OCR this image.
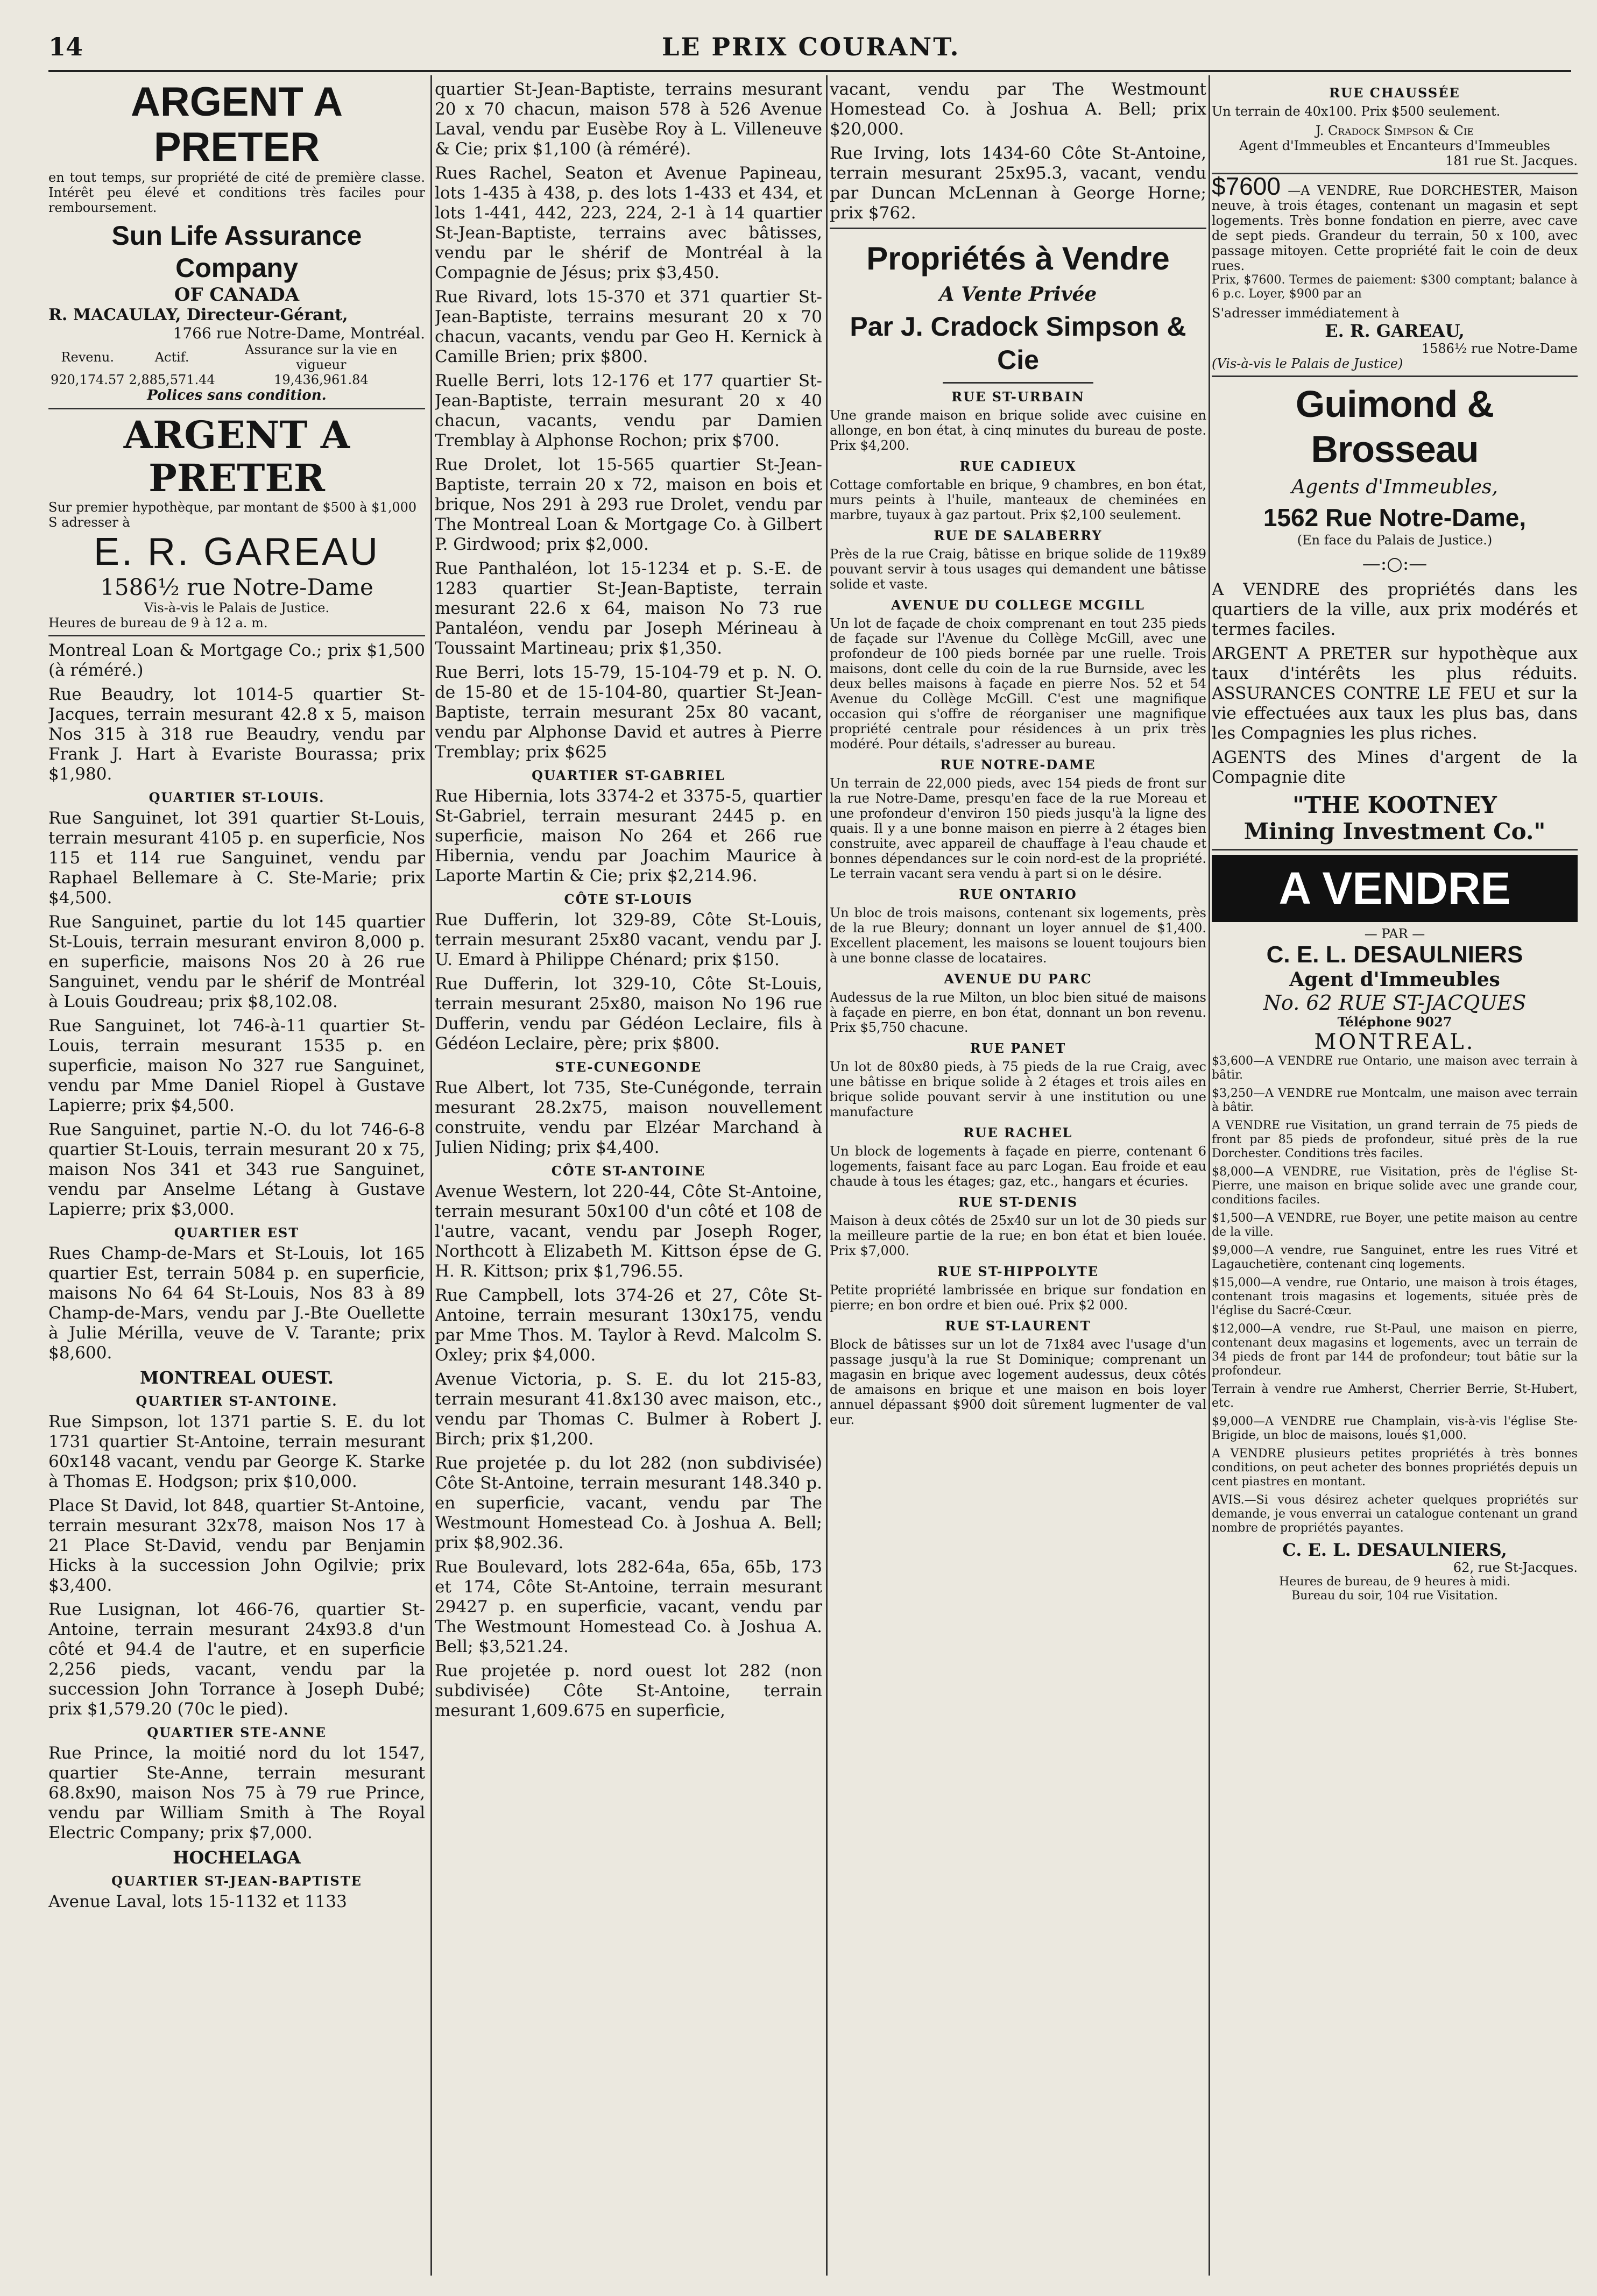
14	LE PRIX COURANT.
ARGENT A PRETER

en tout temps, sur propriété de cité de première classe. Intérêt peu élevé et conditions très faciles pour remboursement.

Sun Life Assurance Company
OF CANADA
R. MACAULAY, Directeur-Gérant,
1766 rue Notre-Dame, Montréal.
Revenu.	Actif.	Assurance sur la vie en vigueur
920,174.57	2,885,571.44	19,436,961.84
Polices sans condition.
ARGENT A PRETER
Sur premier hypothèque, par montant de $500 à $1,000
S adresser à
E. R. GAREAU
1586½ rue Notre-Dame
Vis-à-vis le Palais de Justice.
Heures de bureau de 9 à 12 a. m.

Montreal Loan & Mortgage Co.; prix $1,500 (à réméré.)

Rue Beaudry, lot 1014-5 quartier St-Jacques, terrain mesurant 42.8 x 5, maison Nos 315 à 318 rue Beaudry, vendu par Frank J. Hart à Evariste Bourassa; prix $1,980.

QUARTIER ST-LOUIS.

Rue Sanguinet, lot 391 quartier St-Louis, terrain mesurant 4105 p. en superficie, Nos 115 et 114 rue Sanguinet, vendu par Raphael Bellemare à C. Ste-Marie; prix $4,500.

Rue Sanguinet, partie du lot 145 quartier St-Louis, terrain mesurant environ 8,000 p. en superficie, maisons Nos 20 à 26 rue Sanguinet, vendu par le shérif de Montréal à Louis Goudreau; prix $8,102.08.

Rue Sanguinet, lot 746-à-11 quartier St-Louis, terrain mesurant 1535 p. en superficie, maison No 327 rue Sanguinet, vendu par Mme Daniel Riopel à Gustave Lapierre; prix $4,500.

Rue Sanguinet, partie N.-O. du lot 746-6-8 quartier St-Louis, terrain mesurant 20 x 75, maison Nos 341 et 343 rue Sanguinet, vendu par Anselme Létang à Gustave Lapierre; prix $3,000.

QUARTIER EST

Rues Champ-de-Mars et St-Louis, lot 165 quartier Est, terrain 5084 p. en superficie, maisons No 64 64 St-Louis, Nos 83 à 89 Champ-de-Mars, vendu par J.-Bte Ouellette à Julie Mérilla, veuve de V. Tarante; prix $8,600.

MONTREAL OUEST.
QUARTIER ST-ANTOINE.

Rue Simpson, lot 1371 partie S. E. du lot 1731 quartier St-Antoine, terrain mesurant 60x148 vacant, vendu par George K. Starke à Thomas E. Hodgson; prix $10,000.

Place St David, lot 848, quartier St-Antoine, terrain mesurant 32x78, maison Nos 17 à 21 Place St-David, vendu par Benjamin Hicks à la succession John Ogilvie; prix $3,400.

Rue Lusignan, lot 466-76, quartier St-Antoine, terrain mesurant 24x93.8 d'un côté et 94.4 de l'autre, et en superficie 2,256 pieds, vacant, vendu par la succession John Torrance à Joseph Dubé; prix $1,579.20 (70c le pied).

QUARTIER STE-ANNE

Rue Prince, la moitié nord du lot 1547, quartier Ste-Anne, terrain mesurant 68.8x90, maison Nos 75 à 79 rue Prince, vendu par William Smith à The Royal Electric Company; prix $7,000.

HOCHELAGA
QUARTIER ST-JEAN-BAPTISTE

Avenue Laval, lots 15-1132 et 1133

quartier St-Jean-Baptiste, terrains mesurant 20 x 70 chacun, maison 578 à 526 Avenue Laval, vendu par Eusèbe Roy à L. Villeneuve & Cie; prix $1,100 (à réméré).

Rues Rachel, Seaton et Avenue Papineau, lots 1-435 à 438, p. des lots 1-433 et 434, et lots 1-441, 442, 223, 224, 2-1 à 14 quartier St-Jean-Baptiste, terrains avec bâtisses, vendu par le shérif de Montréal à la Compagnie de Jésus; prix $3,450.

Rue Rivard, lots 15-370 et 371 quartier St-Jean-Baptiste, terrains mesurant 20 x 70 chacun, vacants, vendu par Geo H. Kernick à Camille Brien; prix $800.

Ruelle Berri, lots 12-176 et 177 quartier St-Jean-Baptiste, terrain mesurant 20 x 40 chacun, vacants, vendu par Damien Tremblay à Alphonse Rochon; prix $700.

Rue Drolet, lot 15-565 quartier St-Jean-Baptiste, terrain 20 x 72, maison en bois et brique, Nos 291 à 293 rue Drolet, vendu par The Montreal Loan & Mortgage Co. à Gilbert P. Girdwood; prix $2,000.

Rue Panthaléon, lot 15-1234 et p. S.-E. de 1283 quartier St-Jean-Baptiste, terrain mesurant 22.6 x 64, maison No 73 rue Pantaléon, vendu par Joseph Mérineau à Toussaint Martineau; prix $1,350.

Rue Berri, lots 15-79, 15-104-79 et p. N. O. de 15-80 et de 15-104-80, quartier St-Jean-Baptiste, terrain mesurant 25x 80 vacant, vendu par Alphonse David et autres à Pierre Tremblay; prix $625

QUARTIER ST-GABRIEL

Rue Hibernia, lots 3374-2 et 3375-5, quartier St-Gabriel, terrain mesurant 2445 p. en superficie, maison No 264 et 266 rue Hibernia, vendu par Joachim Maurice à Laporte Martin & Cie; prix $2,214.96.

CÔTE ST-LOUIS

Rue Dufferin, lot 329-89, Côte St-Louis, terrain mesurant 25x80 vacant, vendu par J. U. Emard à Philippe Chénard; prix $150.

Rue Dufferin, lot 329-10, Côte St-Louis, terrain mesurant 25x80, maison No 196 rue Dufferin, vendu par Gédéon Leclaire, fils à Gédéon Leclaire, père; prix $800.

STE-CUNEGONDE

Rue Albert, lot 735, Ste-Cunégonde, terrain mesurant 28.2x75, maison nouvellement construite, vendu par Elzéar Marchand à Julien Niding; prix $4,400.

CÔTE ST-ANTOINE

Avenue Western, lot 220-44, Côte St-Antoine, terrain mesurant 50x100 d'un côté et 108 de l'autre, vacant, vendu par Joseph Roger, Northcott à Elizabeth M. Kittson épse de G. H. R. Kittson; prix $1,796.55.

Rue Campbell, lots 374-26 et 27, Côte St-Antoine, terrain mesurant 130x175, vendu par Mme Thos. M. Taylor à Revd. Malcolm S. Oxley; prix $4,000.

Avenue Victoria, p. S. E. du lot 215-83, terrain mesurant 41.8x130 avec maison, etc., vendu par Thomas C. Bulmer à Robert J. Birch; prix $1,200.

Rue projetée p. du lot 282 (non subdivisée) Côte St-Antoine, terrain mesurant 148.340 p. en superficie, vacant, vendu par The Westmount Homestead Co. à Joshua A. Bell; prix $8,902.36.

Rue Boulevard, lots 282-64a, 65a, 65b, 173 et 174, Côte St-Antoine, terrain mesurant 29427 p. en superficie, vacant, vendu par The Westmount Homestead Co. à Joshua A. Bell; $3,521.24.

Rue projetée p. nord ouest lot 282 (non subdivisée) Côte St-Antoine, terrain mesurant 1,609.675 en superficie,

vacant, vendu par The Westmount Homestead Co. à Joshua A. Bell; prix $20,000.

Rue Irving, lots 1434-60 Côte St-Antoine, terrain mesurant 25x95.3, vacant, vendu par Duncan McLennan à George Horne; prix $762.

Propriétés à Vendre
A Vente Privée
Par J. Cradock Simpson & Cie
RUE ST-URBAIN

Une grande maison en brique solide avec cuisine en allonge, en bon état, à cinq minutes du bureau de poste. Prix $4,200.

RUE CADIEUX

Cottage comfortable en brique, 9 chambres, en bon état, murs peints à l'huile, manteaux de cheminées en marbre, tuyaux à gaz partout. Prix $2,100 seulement.

RUE DE SALABERRY

Près de la rue Craig, bâtisse en brique solide de 119x89 pouvant servir à tous usages qui demandent une bâtisse solide et vaste.

AVENUE DU COLLEGE MCGILL

Un lot de façade de choix comprenant en tout 235 pieds de façade sur l'Avenue du Collège McGill, avec une profondeur de 100 pieds bornée par une ruelle. Trois maisons, dont celle du coin de la rue Burnside, avec les deux belles maisons à façade en pierre Nos. 52 et 54 Avenue du Collège McGill. C'est une magnifique occasion qui s'offre de réorganiser une magnifique propriété centrale pour résidences à un prix très modéré. Pour détails, s'adresser au bureau.

RUE NOTRE-DAME

Un terrain de 22,000 pieds, avec 154 pieds de front sur la rue Notre-Dame, presqu'en face de la rue Moreau et une profondeur d'environ 150 pieds jusqu'à la ligne des quais. Il y a une bonne maison en pierre à 2 étages bien construite, avec appareil de chauffage à l'eau chaude et bonnes dépendances sur le coin nord-est de la propriété. Le terrain vacant sera vendu à part si on le désire.

RUE ONTARIO

Un bloc de trois maisons, contenant six logements, près de la rue Bleury; donnant un loyer annuel de $1,400. Excellent placement, les maisons se louent toujours bien à une bonne classe de locataires.

AVENUE DU PARC

Audessus de la rue Milton, un bloc bien situé de maisons à façade en pierre, en bon état, donnant un bon revenu. Prix $5,750 chacune.

RUE PANET

Un lot de 80x80 pieds, à 75 pieds de la rue Craig, avec une bâtisse en brique solide à 2 étages et trois ailes en brique solide pouvant servir à une institution ou une manufacture

RUE RACHEL

Un block de logements à façade en pierre, contenant 6 logements, faisant face au parc Logan. Eau froide et eau chaude à tous les étages; gaz, etc., hangars et écuries.

RUE ST-DENIS

Maison à deux côtés de 25x40 sur un lot de 30 pieds sur la meilleure partie de la rue; en bon état et bien louée. Prix $7,000.

RUE ST-HIPPOLYTE

Petite propriété lambrissée en brique sur fondation en pierre; en bon ordre et bien oué. Prix $2 000.

RUE ST-LAURENT

Block de bâtisses sur un lot de 71x84 avec l'usage d'un passage jusqu'à la rue St Dominique; comprenant un magasin en brique avec logement audessus, deux côtés de amaisons en brique et une maison en bois loyer annuel dépassant $900 doit sûrement lugmenter de val eur.

RUE CHAUSSÉE

Un terrain de 40x100. Prix $500 seulement.

J. Cradock Simpson & Cie
Agent d'Immeubles et Encanteurs d'Immeubles
181 rue St. Jacques.
$7600 —A VENDRE, Rue DORCHESTER, Maison neuve, à trois étages, contenant un magasin et sept logements. Très bonne fondation en pierre, avec cave de sept pieds. Grandeur du terrain, 50 x 100, avec passage mitoyen. Cette propriété fait le coin de deux rues.

Prix, $7600. Termes de paiement: $300 comptant; balance à 6 p.c. Loyer, $900 par an

S'adresser immédiatement à
E. R. GAREAU,
1586½ rue Notre-Dame
(Vis-à-vis le Palais de Justice)
Guimond & Brosseau
Agents d'Immeubles,
1562 Rue Notre-Dame,
(En face du Palais de Justice.)
—:○:—

A VENDRE des propriétés dans les quartiers de la ville, aux prix modérés et termes faciles.

ARGENT A PRETER sur hypothèque aux taux d'intérêts les plus réduits. ASSURANCES CONTRE LE FEU et sur la vie effectuées aux taux les plus bas, dans les Compagnies les plus riches.

AGENTS des Mines d'argent de la Compagnie dite

"THE KOOTNEY
Mining Investment Co."
A VENDRE
— PAR —
C. E. L. DESAULNIERS
Agent d'Immeubles
No. 62 RUE ST-JACQUES
Téléphone 9027
MONTREAL.

$3,600—A VENDRE rue Ontario, une maison avec terrain à bâtir.

$3,250—A VENDRE rue Montcalm, une maison avec terrain à bâtir.

A VENDRE rue Visitation, un grand terrain de 75 pieds de front par 85 pieds de profondeur, situé près de la rue Dorchester. Conditions très faciles.

$8,000—A VENDRE, rue Visitation, près de l'église St-Pierre, une maison en brique solide avec une grande cour, conditions faciles.

$1,500—A VENDRE, rue Boyer, une petite maison au centre de la ville.

$9,000—A vendre, rue Sanguinet, entre les rues Vitré et Lagauchetière, contenant cinq logements.

$15,000—A vendre, rue Ontario, une maison à trois étages, contenant trois magasins et logements, située près de l'église du Sacré-Cœur.

$12,000—A vendre, rue St-Paul, une maison en pierre, contenant deux magasins et logements, avec un terrain de 34 pieds de front par 144 de profondeur; tout bâtie sur la profondeur.

Terrain à vendre rue Amherst, Cherrier Berrie, St-Hubert, etc.

$9,000—A VENDRE rue Champlain, vis-à-vis l'église Ste-Brigide, un bloc de maisons, loués $1,000.

A VENDRE plusieurs petites propriétés à très bonnes conditions, on peut acheter des bonnes propriétés depuis un cent piastres en montant.

AVIS.—Si vous désirez acheter quelques propriétés sur demande, je vous enverrai un catalogue contenant un grand nombre de propriétés payantes.

C. E. L. DESAULNIERS,
62, rue St-Jacques.
Heures de bureau, de 9 heures à midi.
Bureau du soir, 104 rue Visitation.
